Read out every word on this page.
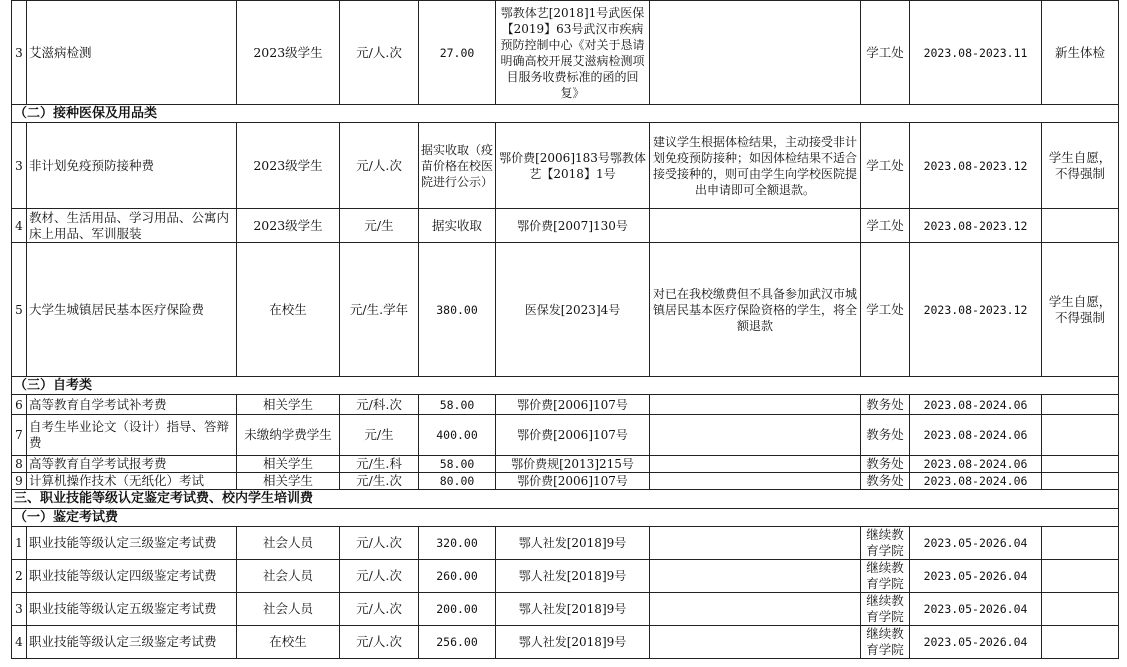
3	艾滋病检测	2023级学生	元/人.次	27.00	鄂教体艺[2018]1号武医保【2019】63号武汉市疾病预防控制中心《对关于恳请明确高校开展艾滋病检测项目服务收费标准的函的回复》		学工处	2023.08-2023.11	新生体检
（二）接种医保及用品类									
3	非计划免疫预防接种费	2023级学生	元/人.次	据实收取（疫苗价格在校医院进行公示）	鄂价费[2006]183号鄂教体艺【2018】1号	建议学生根据体检结果，主动接受非计划免疫预防接种；如因体检结果不适合接受接种的，则可由学生向学校医院提出申请即可全额退款。	学工处	2023.08-2023.12	学生自愿，不得强制
4	教材、生活用品、学习用品、公寓内床上用品、军训服装	2023级学生	元/生	据实收取	鄂价费[2007]130号		学工处	2023.08-2023.12	
5	大学生城镇居民基本医疗保险费	在校生	元/生.学年	380.00	医保发[2023]4号	对已在我校缴费但不具备参加武汉市城镇居民基本医疗保险资格的学生，将全额退款	学工处	2023.08-2023.12	学生自愿，不得强制
（三）自考类									
6	高等教育自学考试补考费	相关学生	元/科.次	58.00	鄂价费[2006]107号		教务处	2023.08-2024.06	
7	自考生毕业论文（设计）指导、答辩费	未缴纳学费学生	元/生	400.00	鄂价费[2006]107号		教务处	2023.08-2024.06	
8	高等教育自学考试报考费	相关学生	元/生.科	58.00	鄂价费规[2013]215号		教务处	2023.08-2024.06	
9	计算机操作技术（无纸化）考试	相关学生	元/生.次	80.00	鄂价费[2006]107号		教务处	2023.08-2024.06	
三、职业技能等级认定鉴定考试费、校内学生培训费									
（一）鉴定考试费									
1	职业技能等级认定三级鉴定考试费	社会人员	元/人.次	320.00	鄂人社发[2018]9号		继续教育学院	2023.05-2026.04	
2	职业技能等级认定四级鉴定考试费	社会人员	元/人.次	260.00	鄂人社发[2018]9号		继续教育学院	2023.05-2026.04	
3	职业技能等级认定五级鉴定考试费	社会人员	元/人.次	200.00	鄂人社发[2018]9号		继续教育学院	2023.05-2026.04	
4	职业技能等级认定三级鉴定考试费	在校生	元/人.次	256.00	鄂人社发[2018]9号		继续教育学院	2023.05-2026.04	
